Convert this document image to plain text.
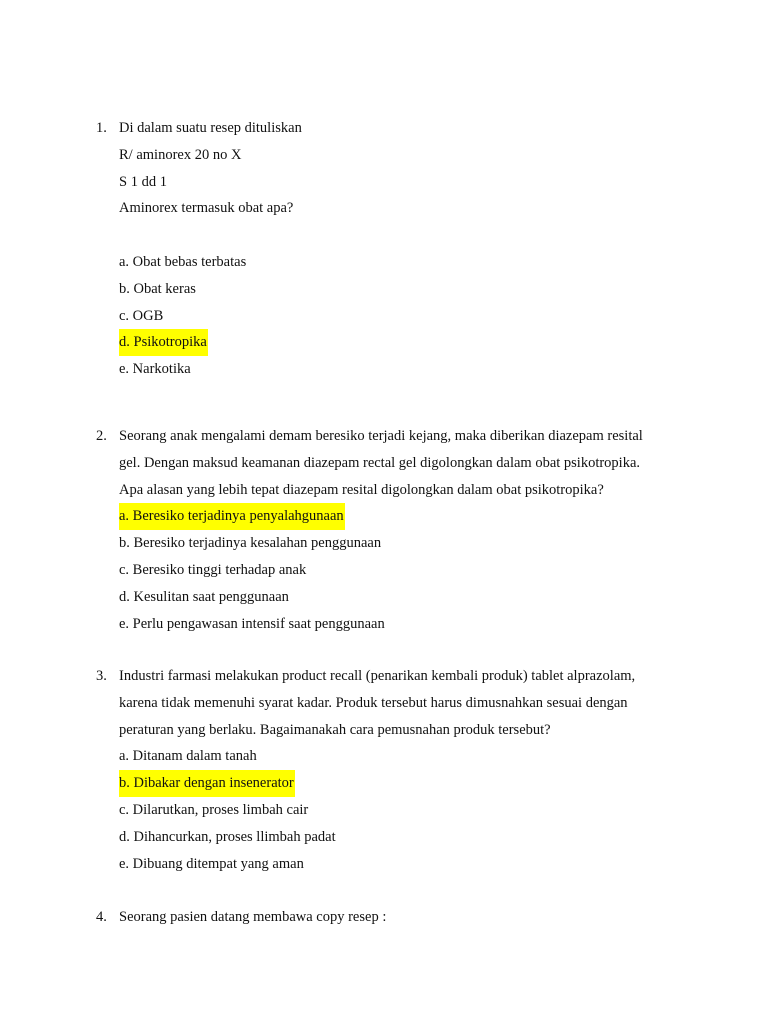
1. Di dalam suatu resep dituliskan
R/ aminorex 20 no X
S 1 dd 1
Aminorex termasuk obat apa?
a. Obat bebas terbatas
b. Obat keras
c. OGB
d. Psikotropika
e. Narkotika
2. Seorang anak mengalami demam beresiko terjadi kejang, maka diberikan diazepam resital
gel. Dengan maksud keamanan diazepam rectal gel digolongkan dalam obat psikotropika.
Apa alasan yang lebih tepat diazepam resital digolongkan dalam obat psikotropika?
a. Beresiko terjadinya penyalahgunaan
b. Beresiko terjadinya kesalahan penggunaan
c. Beresiko tinggi terhadap anak
d. Kesulitan saat penggunaan
e. Perlu pengawasan intensif saat penggunaan
3. Industri farmasi melakukan product recall (penarikan kembali produk) tablet alprazolam,
karena tidak memenuhi syarat kadar. Produk tersebut harus dimusnahkan sesuai dengan
peraturan yang berlaku. Bagaimanakah cara pemusnahan produk tersebut?
a. Ditanam dalam tanah
b. Dibakar dengan insenerator
c. Dilarutkan, proses limbah cair
d. Dihancurkan, proses llimbah padat
e. Dibuang ditempat yang aman
4. Seorang pasien datang membawa copy resep :
